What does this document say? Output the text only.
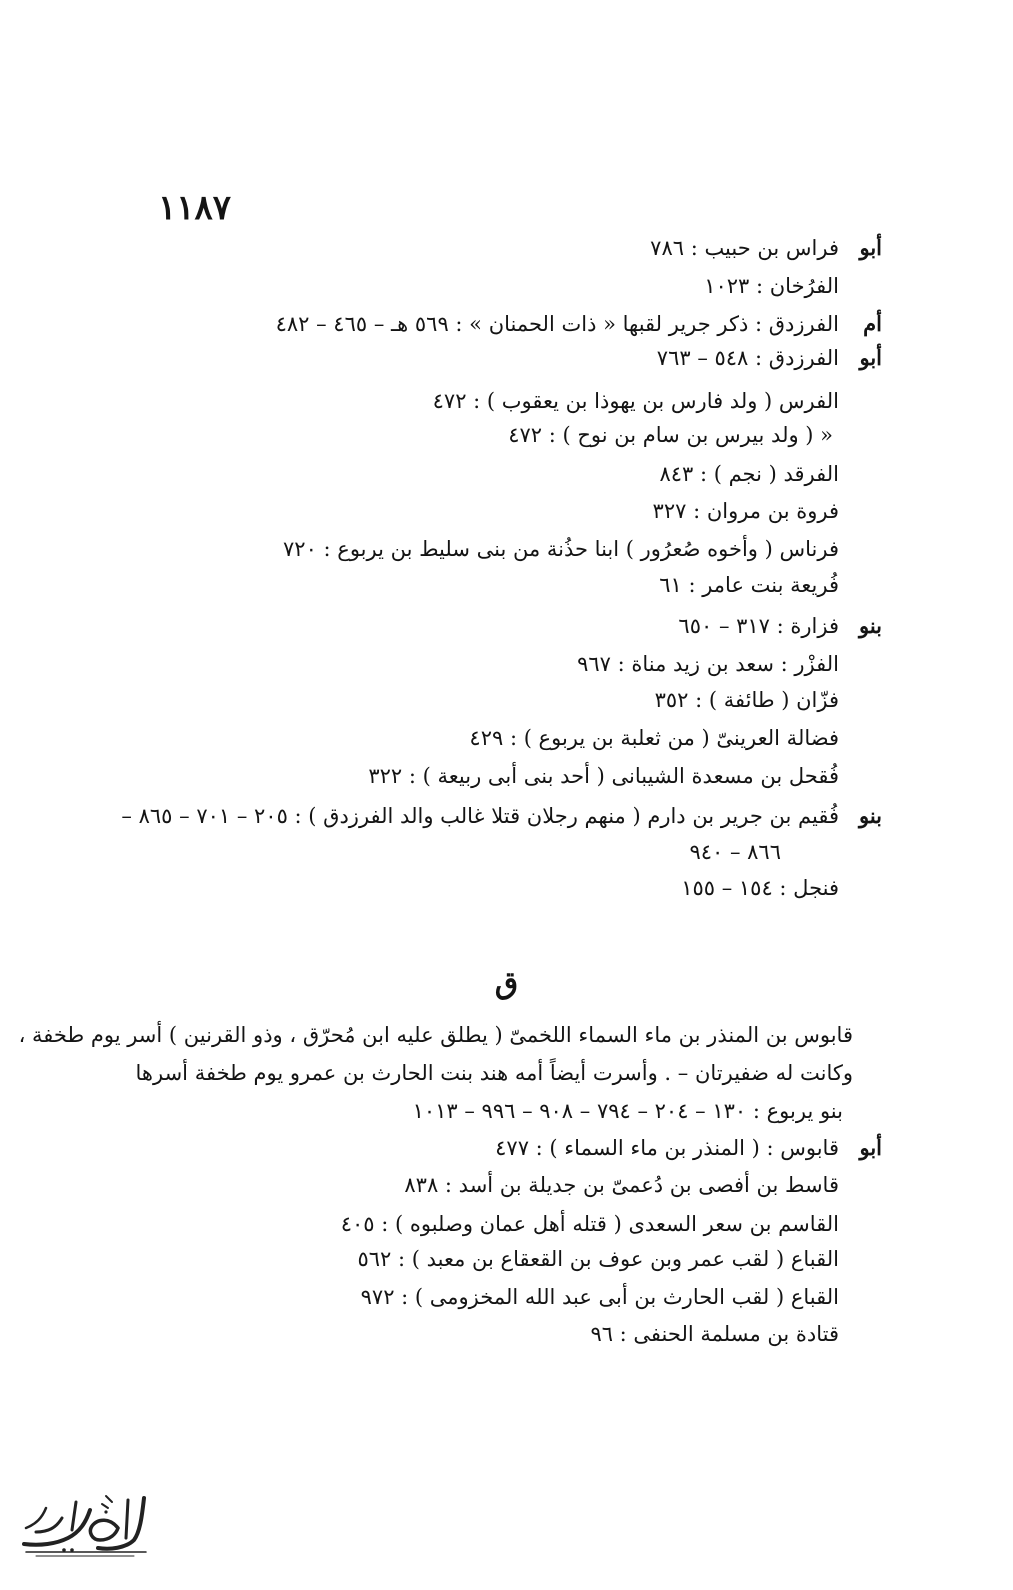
١١٨٧
أبو
فراس بن حبيب : ٧٨٦
الفرُخان : ١٠٢٣
أم
الفرزدق : ذكر جرير لقبها « ذات الحمنان » : ٥٦٩ هـ – ٤٦٥ – ٤٨٢
أبو
الفرزدق : ٥٤٨ – ٧٦٣
الفرس ( ولد فارس بن يهوذا بن يعقوب ) : ٤٧٢
« ( ولد بيرس بن سام بن نوح ) : ٤٧٢
الفرقد ( نجم ) : ٨٤٣
فروة بن مروان : ٣٢٧
فرناس ( وأخوه صُعرُور ) ابنا حذُنة من بنى سليط بن يربوع : ٧٢٠
فُريعة بنت عامر : ٦١
بنو
فزارة : ٣١٧ – ٦٥٠
الفزْر : سعد بن زيد مناة : ٩٦٧
فزّان ( طائفة ) : ٣٥٢
فضالة العرينىّ ( من ثعلبة بن يربوع ) : ٤٢٩
فُقحل بن مسعدة الشيبانى ( أحد بنى أبى ربيعة ) : ٣٢٢
بنو
فُقيم بن جرير بن دارم ( منهم رجلان قتلا غالب والد الفرزدق ) : ٢٠٥ – ٧٠١ – ٨٦٥ –
٨٦٦ – ٩٤٠
فنجل : ١٥٤ – ١٥٥
ق
قابوس بن المنذر بن ماء السماء اللخمىّ ( يطلق عليه ابن مُحرّق ، وذو القرنين ) أسر يوم طخفة ،
وكانت له ضفيرتان – . وأسرت أيضاً أمه هند بنت الحارث بن عمرو يوم طخفة أسرها
بنو يربوع : ١٣٠ – ٢٠٤ – ٧٩٤ – ٩٠٨ – ٩٩٦ – ١٠١٣
أبو
قابوس : ( المنذر بن ماء السماء ) : ٤٧٧
قاسط بن أفصى بن دُعمىّ بن جديلة بن أسد : ٨٣٨
القاسم بن سعر السعدى ( قتله أهل عمان وصلبوه ) : ٤٠٥
القباع ( لقب عمر وبن عوف بن القعقاع بن معبد ) : ٥٦٢
القباع ( لقب الحارث بن أبى عبد الله المخزومى ) : ٩٧٢
قتادة بن مسلمة الحنفى : ٩٦
